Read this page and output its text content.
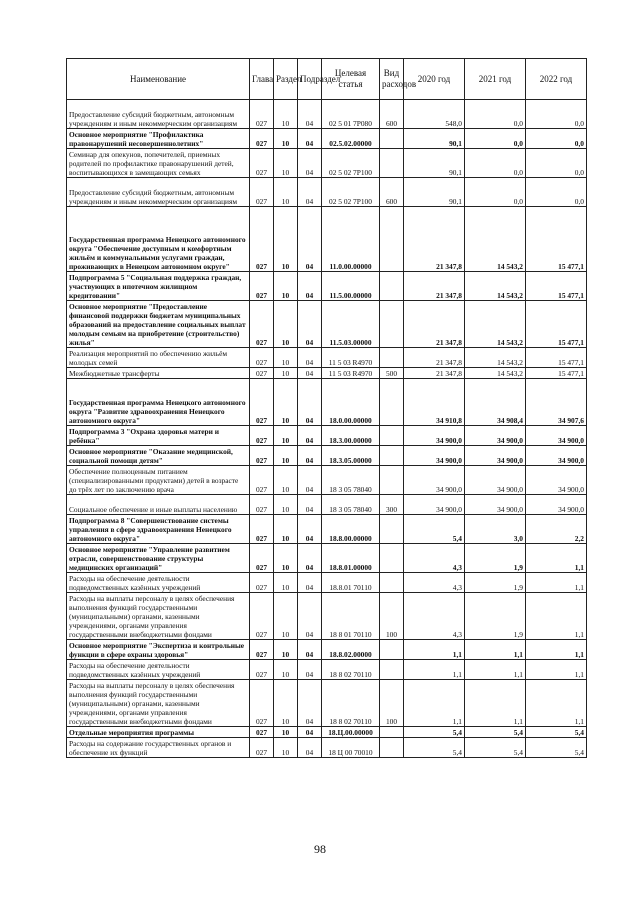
Наименование	Глава	Раздел	Подраздел	Целевая статья	Вид расходов	2020 год	2021 год	2022 год
Предоставление субсидий бюджетным, автономным учреждениям и иным некоммерческим организациям	027	10	04	02 5 01 7Р080	600	548,0	0,0	0,0
Основное мероприятие "Профилактика правонарушений несовершеннолетних"	027	10	04	02.5.02.00000		90,1	0,0	0,0
Семинар для опекунов, попечителей, приемных родителей по профилактике правонарушений детей, воспитывающихся в замещающих семьях	027	10	04	02 5 02 7Р100		90,1	0,0	0,0
Предоставление субсидий бюджетным, автономным учреждениям и иным некоммерческим организациям	027	10	04	02 5 02 7Р100	600	90,1	0,0	0,0
Государственная программа Ненецкого автономного округа "Обеспечение доступным и комфортным жильём и коммунальными услугами граждан, проживающих в Ненецком автономном округе"	027	10	04	11.0.00.00000		21 347,8	14 543,2	15 477,1
Подпрограмма 5 "Социальная поддержка граждан, участвующих в ипотечном жилищном кредитовании"	027	10	04	11.5.00.00000		21 347,8	14 543,2	15 477,1
Основное мероприятие "Предоставление финансовой поддержки бюджетам муниципальных образований на предоставление социальных выплат молодым семьям на приобретение (строительство) жилья"	027	10	04	11.5.03.00000		21 347,8	14 543,2	15 477,1
Реализация мероприятий по обеспечению жильём молодых семей	027	10	04	11 5 03 R4970		21 347,8	14 543,2	15 477,1
Межбюджетные трансферты	027	10	04	11 5 03 R4970	500	21 347,8	14 543,2	15 477,1
Государственная программа Ненецкого автономного округа "Развитие здравоохранения Ненецкого автономного округа"	027	10	04	18.0.00.00000		34 910,8	34 908,4	34 907,6
Подпрограмма 3 "Охрана здоровья матери и ребёнка"	027	10	04	18.3.00.00000		34 900,0	34 900,0	34 900,0
Основное мероприятие "Оказание медицинской, социальной помощи детям"	027	10	04	18.3.05.00000		34 900,0	34 900,0	34 900,0
Обеспечение полноценным питанием (специализированными продуктами) детей в возрасте до трёх лет по заключению врача	027	10	04	18 3 05 78040		34 900,0	34 900,0	34 900,0
Социальное обеспечение и иные выплаты населению	027	10	04	18 3 05 78040	300	34 900,0	34 900,0	34 900,0
Подпрограмма 8 "Совершенствование системы управления в сфере здравоохранения Ненецкого автономного округа"	027	10	04	18.8.00.00000		5,4	3,0	2,2
Основное мероприятие "Управление развитием отрасли, совершенствование структуры медицинских организаций"	027	10	04	18.8.01.00000		4,3	1,9	1,1
Расходы на обеспечение деятельности подведомственных казённых учреждений	027	10	04	18.8.01 70110		4,3	1,9	1,1
Расходы на выплаты персоналу в целях обеспечения выполнения функций государственными (муниципальными) органами, казенными учреждениями, органами управления государственными внебюджетными фондами	027	10	04	18 8 01 70110	100	4,3	1,9	1,1
Основное мероприятие "Экспертиза и контрольные функции в сфере охраны здоровья"	027	10	04	18.8.02.00000		1,1	1,1	1,1
Расходы на обеспечение деятельности подведомственных казённых учреждений	027	10	04	18 8 02 70110		1,1	1,1	1,1
Расходы на выплаты персоналу в целях обеспечения выполнения функций государственными (муниципальными) органами, казенными учреждениями, органами управления государственными внебюджетными фондами	027	10	04	18 8 02 70110	100	1,1	1,1	1,1
Отдельные мероприятия программы	027	10	04	18.Ц.00.00000		5,4	5,4	5,4
Расходы на содержание государственных органов и обеспечение их функций	027	10	04	18 Ц 00 70010		5,4	5,4	5,4
98
